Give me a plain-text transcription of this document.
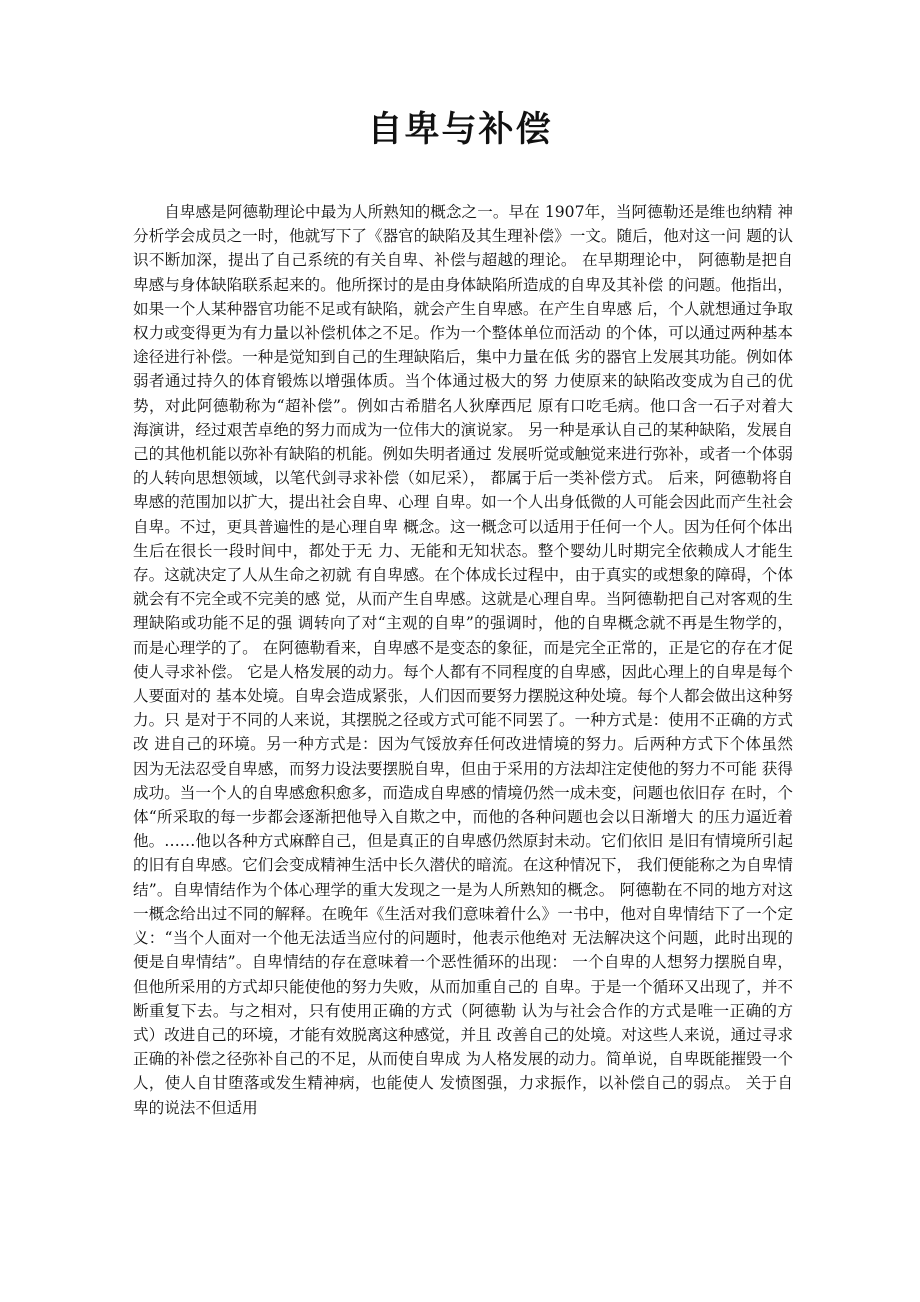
自卑与补偿

自卑感是阿德勒理论中最为人所熟知的概念之一。早在 1907年，当阿德勒还是维也纳精 神分析学会成员之一时，他就写下了《器官的缺陷及其生理补偿》一文。随后，他对这一问 题的认识不断加深，提出了自己系统的有关自卑、补偿与超越的理论。 在早期理论中， 阿德勒是把自卑感与身体缺陷联系起来的。他所探讨的是由身体缺陷所造成的自卑及其补偿 的问题。他指出，如果一个人某种器官功能不足或有缺陷，就会产生自卑感。在产生自卑感 后，个人就想通过争取权力或变得更为有力量以补偿机体之不足。作为一个整体单位而活动 的个体，可以通过两种基本途径进行补偿。一种是觉知到自己的生理缺陷后，集中力量在低 劣的器官上发展其功能。例如体弱者通过持久的体育锻炼以增强体质。当个体通过极大的努 力使原来的缺陷改变成为自己的优势，对此阿德勒称为“超补偿”。例如古希腊名人狄摩西尼 原有口吃毛病。他口含一石子对着大海演讲，经过艰苦卓绝的努力而成为一位伟大的演说家。 另一种是承认自己的某种缺陷，发展自己的其他机能以弥补有缺陷的机能。例如失明者通过 发展听觉或触觉来进行弥补，或者一个体弱的人转向思想领域，以笔代剑寻求补偿（如尼采）， 都属于后一类补偿方式。 后来，阿德勒将自卑感的范围加以扩大，提出社会自卑、心理 自卑。如一个人出身低微的人可能会因此而产生社会自卑。不过，更具普遍性的是心理自卑 概念。这一概念可以适用于任何一个人。因为任何个体出生后在很长一段时间中，都处于无 力、无能和无知状态。整个婴幼儿时期完全依赖成人才能生存。这就决定了人从生命之初就 有自卑感。在个体成长过程中，由于真实的或想象的障碍，个体就会有不完全或不完美的感 觉，从而产生自卑感。这就是心理自卑。当阿德勒把自己对客观的生理缺陷或功能不足的强 调转向了对“主观的自卑”的强调时，他的自卑概念就不再是生物学的，而是心理学的了。 在阿德勒看来，自卑感不是变态的象征，而是完全正常的，正是它的存在才促使人寻求补偿。 它是人格发展的动力。每个人都有不同程度的自卑感，因此心理上的自卑是每个人要面对的 基本处境。自卑会造成紧张，人们因而要努力摆脱这种处境。每个人都会做出这种努力。只 是对于不同的人来说，其摆脱之径或方式可能不同罢了。一种方式是：使用不正确的方式改 进自己的环境。另一种方式是：因为气馁放弃任何改进情境的努力。后两种方式下个体虽然 因为无法忍受自卑感，而努力设法要摆脱自卑，但由于采用的方法却注定使他的努力不可能 获得成功。当一个人的自卑感愈积愈多，而造成自卑感的情境仍然一成未变，问题也依旧存 在时，个体“所采取的每一步都会逐渐把他导入自欺之中，而他的各种问题也会以日渐增大 的压力逼近着他。……他以各种方式麻醉自己，但是真正的自卑感仍然原封未动。它们依旧 是旧有情境所引起的旧有自卑感。它们会变成精神生活中长久潜伏的暗流。在这种情况下， 我们便能称之为自卑情结”。自卑情结作为个体心理学的重大发现之一是为人所熟知的概念。 阿德勒在不同的地方对这一概念给出过不同的解释。在晚年《生活对我们意味着什么》一书中，他对自卑情结下了一个定义：“当个人面对一个他无法适当应付的问题时，他表示他绝对 无法解决这个问题，此时出现的便是自卑情结”。自卑情结的存在意味着一个恶性循环的出现： 一个自卑的人想努力摆脱自卑，但他所采用的方式却只能使他的努力失败，从而加重自己的 自卑。于是一个循环又出现了，并不断重复下去。与之相对，只有使用正确的方式（阿德勒 认为与社会合作的方式是唯一正确的方式）改进自己的环境，才能有效脱离这种感觉，并且 改善自己的处境。对这些人来说，通过寻求正确的补偿之径弥补自己的不足，从而使自卑成 为人格发展的动力。简单说，自卑既能摧毁一个人，使人自甘堕落或发生精神病，也能使人 发愤图强，力求振作，以补偿自己的弱点。 关于自卑的说法不但适用
